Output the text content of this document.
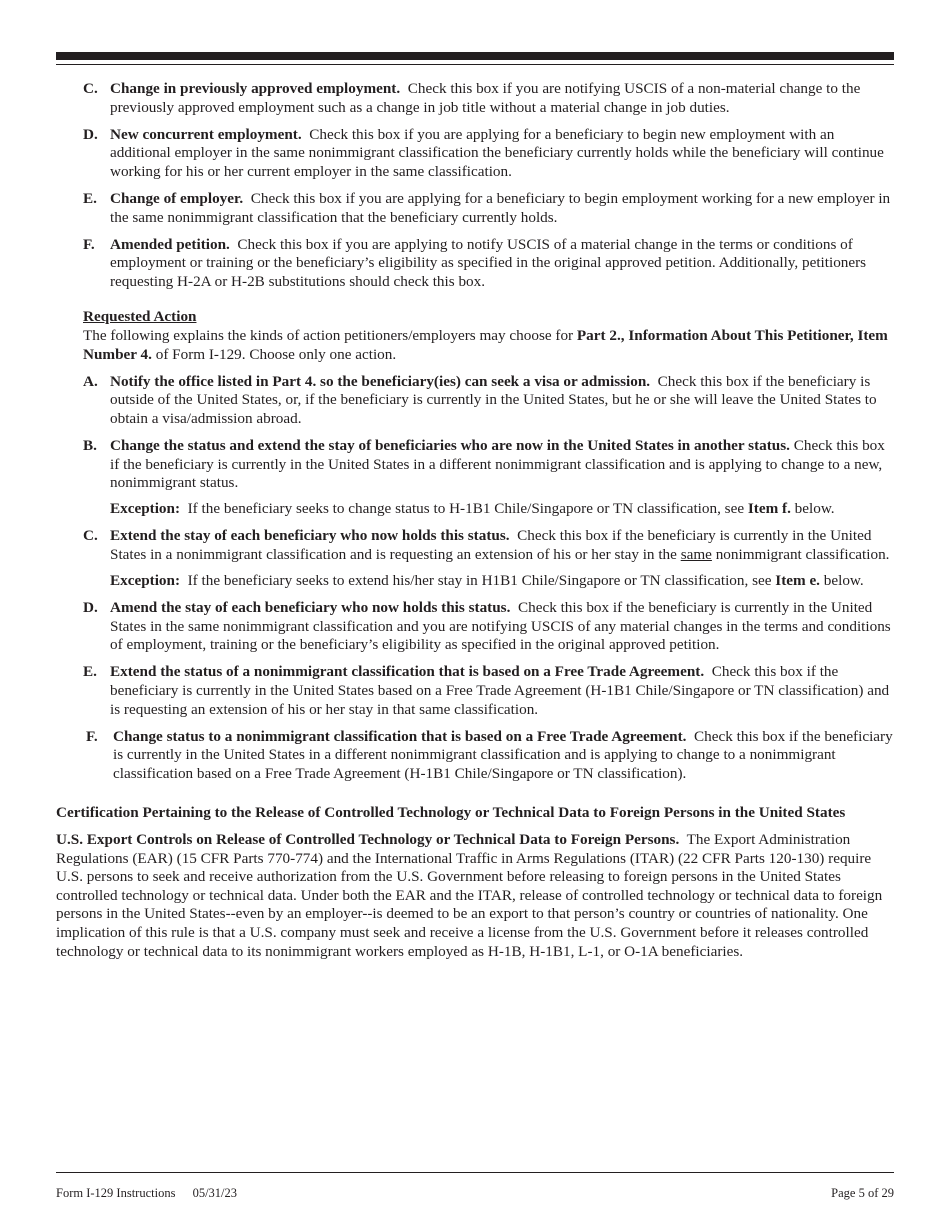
C. Change in previously approved employment. Check this box if you are notifying USCIS of a non-material change to the previously approved employment such as a change in job title without a material change in job duties.
D. New concurrent employment. Check this box if you are applying for a beneficiary to begin new employment with an additional employer in the same nonimmigrant classification the beneficiary currently holds while the beneficiary will continue working for his or her current employer in the same classification.
E. Change of employer. Check this box if you are applying for a beneficiary to begin employment working for a new employer in the same nonimmigrant classification that the beneficiary currently holds.
F. Amended petition. Check this box if you are applying to notify USCIS of a material change in the terms or conditions of employment or training or the beneficiary’s eligibility as specified in the original approved petition. Additionally, petitioners requesting H-2A or H-2B substitutions should check this box.
Requested Action
The following explains the kinds of action petitioners/employers may choose for Part 2., Information About This Petitioner, Item Number 4. of Form I-129. Choose only one action.
A. Notify the office listed in Part 4. so the beneficiary(ies) can seek a visa or admission. Check this box if the beneficiary is outside of the United States, or, if the beneficiary is currently in the United States, but he or she will leave the United States to obtain a visa/admission abroad.
B. Change the status and extend the stay of beneficiaries who are now in the United States in another status. Check this box if the beneficiary is currently in the United States in a different nonimmigrant classification and is applying to change to a new, nonimmigrant status.
Exception: If the beneficiary seeks to change status to H-1B1 Chile/Singapore or TN classification, see Item f. below.
C. Extend the stay of each beneficiary who now holds this status. Check this box if the beneficiary is currently in the United States in a nonimmigrant classification and is requesting an extension of his or her stay in the same nonimmigrant classification.
Exception: If the beneficiary seeks to extend his/her stay in H1B1 Chile/Singapore or TN classification, see Item e. below.
D. Amend the stay of each beneficiary who now holds this status. Check this box if the beneficiary is currently in the United States in the same nonimmigrant classification and you are notifying USCIS of any material changes in the terms and conditions of employment, training or the beneficiary’s eligibility as specified in the original approved petition.
E. Extend the status of a nonimmigrant classification that is based on a Free Trade Agreement. Check this box if the beneficiary is currently in the United States based on a Free Trade Agreement (H-1B1 Chile/Singapore or TN classification) and is requesting an extension of his or her stay in that same classification.
F. Change status to a nonimmigrant classification that is based on a Free Trade Agreement. Check this box if the beneficiary is currently in the United States in a different nonimmigrant classification and is applying to change to a nonimmigrant classification based on a Free Trade Agreement (H-1B1 Chile/Singapore or TN classification).
Certification Pertaining to the Release of Controlled Technology or Technical Data to Foreign Persons in the United States

U.S. Export Controls on Release of Controlled Technology or Technical Data to Foreign Persons. The Export Administration Regulations (EAR) (15 CFR Parts 770-774) and the International Traffic in Arms Regulations (ITAR) (22 CFR Parts 120-130) require U.S. persons to seek and receive authorization from the U.S. Government before releasing to foreign persons in the United States controlled technology or technical data. Under both the EAR and the ITAR, release of controlled technology or technical data to foreign persons in the United States--even by an employer--is deemed to be an export to that person’s country or countries of nationality. One implication of this rule is that a U.S. company must seek and receive a license from the U.S. Government before it releases controlled technology or technical data to its nonimmigrant workers employed as H-1B, H-1B1, L-1, or O-1A beneficiaries.

Form I-129 Instructions 05/31/23	Page 5 of 29
